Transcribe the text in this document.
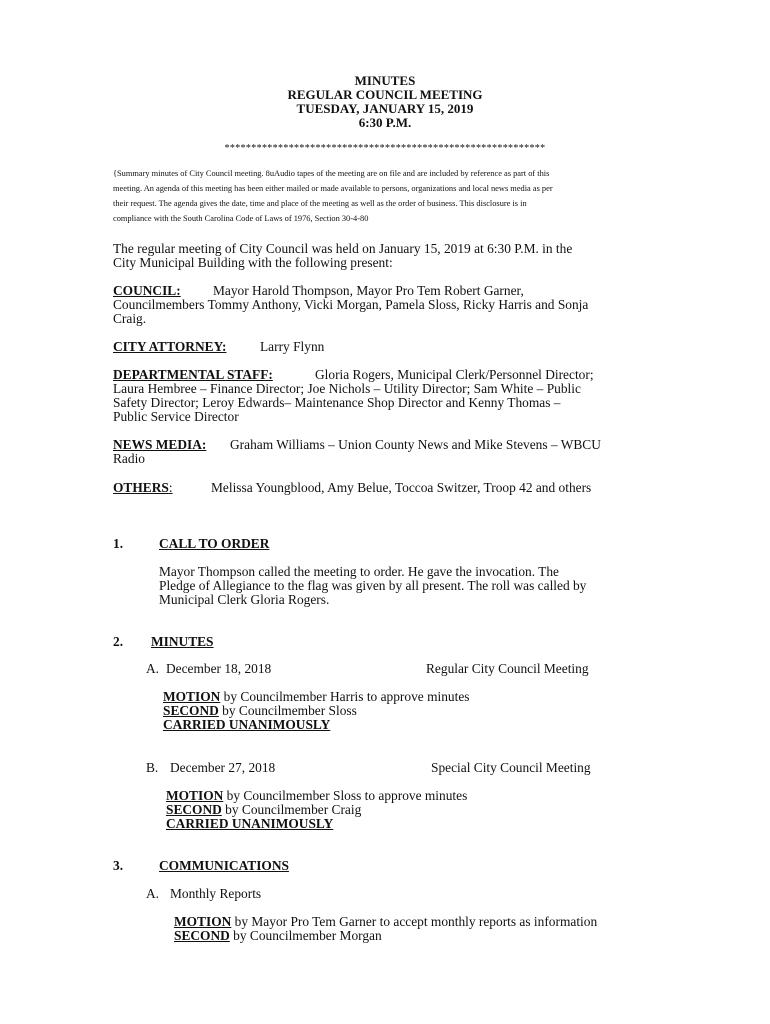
MINUTES
REGULAR COUNCIL MEETING
TUESDAY, JANUARY 15, 2019
6:30 P.M.
************************************************************
{Summary minutes of City Council meeting. 8uAudio tapes of the meeting are on file and are included by reference as part of this
meeting. An agenda of this meeting has been either mailed or made available to persons, organizations and local news media as per
their request. The agenda gives the date, time and place of the meeting as well as the order of business. This disclosure is in
compliance with the South Carolina Code of Laws of 1976, Section 30-4-80
The regular meeting of City Council was held on January 15, 2019 at 6:30 P.M. in the
City Municipal Building with the following present:
COUNCIL: Mayor Harold Thompson, Mayor Pro Tem Robert Garner,
Councilmembers Tommy Anthony, Vicki Morgan, Pamela Sloss, Ricky Harris and Sonja
Craig.
CITY ATTORNEY:	Larry Flynn
DEPARTMENTAL STAFF:	Gloria Rogers, Municipal Clerk/Personnel Director;
Laura Hembree – Finance Director; Joe Nichols – Utility Director; Sam White – Public
Safety Director; Leroy Edwards– Maintenance Shop Director and Kenny Thomas –
Public Service Director
NEWS MEDIA: Graham Williams – Union County News and Mike Stevens – WBCU
Radio
OTHERS:	Melissa Youngblood, Amy Belue, Toccoa Switzer, Troop 42 and others
1.	CALL TO ORDER
Mayor Thompson called the meeting to order. He gave the invocation. The
Pledge of Allegiance to the flag was given by all present. The roll was called by
Municipal Clerk Gloria Rogers.
2. MINUTES
A. December 18, 2018	Regular City Council Meeting
MOTION by Councilmember Harris to approve minutes
SECOND by Councilmember Sloss
CARRIED UNANIMOUSLY
B. December 27, 2018	Special City Council Meeting
MOTION by Councilmember Sloss to approve minutes
SECOND by Councilmember Craig
CARRIED UNANIMOUSLY
3.	COMMUNICATIONS
A. Monthly Reports
MOTION by Mayor Pro Tem Garner to accept monthly reports as information
SECOND by Councilmember Morgan
